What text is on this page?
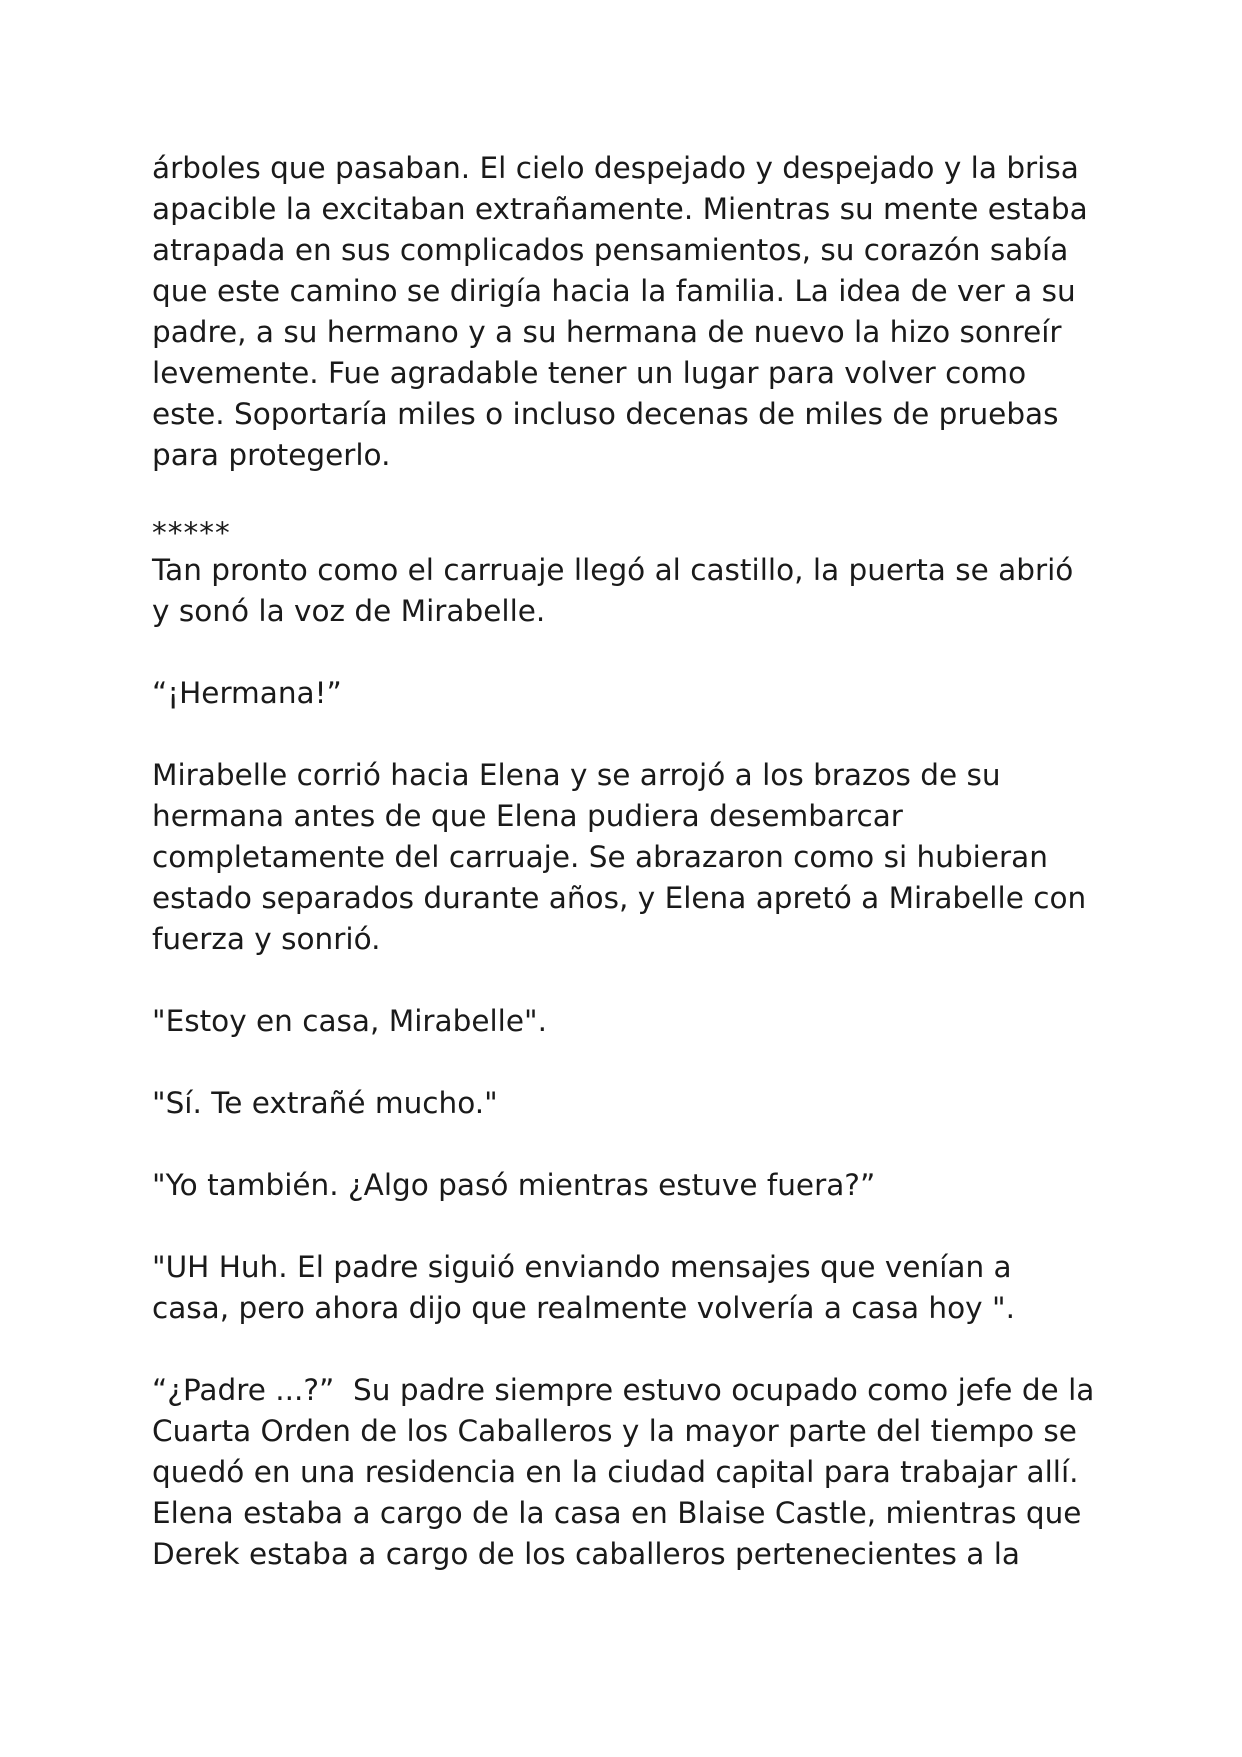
árboles que pasaban. El cielo despejado y despejado y la brisa
apacible la excitaban extrañamente. Mientras su mente estaba
atrapada en sus complicados pensamientos, su corazón sabía
que este camino se dirigía hacia la familia. La idea de ver a su
padre, a su hermano y a su hermana de nuevo la hizo sonreír
levemente. Fue agradable tener un lugar para volver como
este. Soportaría miles o incluso decenas de miles de pruebas
para protegerlo.

*****

Tan pronto como el carruaje llegó al castillo, la puerta se abrió
y sonó la voz de Mirabelle.

“¡Hermana!”

Mirabelle corrió hacia Elena y se arrojó a los brazos de su
hermana antes de que Elena pudiera desembarcar
completamente del carruaje. Se abrazaron como si hubieran
estado separados durante años, y Elena apretó a Mirabelle con
fuerza y sonrió.

"Estoy en casa, Mirabelle".

"Sí. Te extrañé mucho."

"Yo también. ¿Algo pasó mientras estuve fuera?”

"UH Huh. El padre siguió enviando mensajes que venían a
casa, pero ahora dijo que realmente volvería a casa hoy ".

“¿Padre ...?”  Su padre siempre estuvo ocupado como jefe de la
Cuarta Orden de los Caballeros y la mayor parte del tiempo se
quedó en una residencia en la ciudad capital para trabajar allí.
Elena estaba a cargo de la casa en Blaise Castle, mientras que
Derek estaba a cargo de los caballeros pertenecientes a la
